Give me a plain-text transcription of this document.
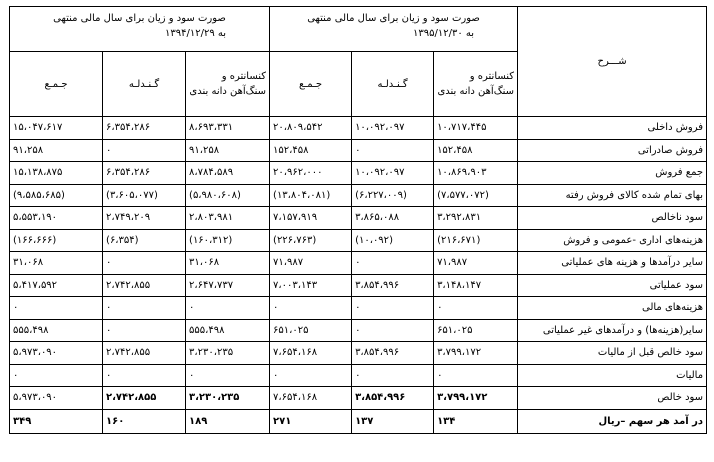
شـــرح	صورت سود و زیان برای سال مالی منتهی

به ۱۳۹۵/۱۲/۳۰			صورت سود و زیان برای سال مالی منتهی

به ۱۳۹۴/۱۲/۲۹		

	کنسانتره و سنگ‌آهن دانه بندی	گـنـدلـه	جـمـع	کنسانتره و سنگ‌آهن دانه بندی	گـنـدلـه	جـمـع
فروش داخلی	۱۰،۷۱۷،۴۴۵	۱۰،۰۹۲،۰۹۷	۲۰،۸۰۹،۵۴۲	۸،۶۹۳،۳۳۱	۶،۳۵۴،۲۸۶	۱۵،۰۴۷،۶۱۷
فروش صادراتی	۱۵۲،۴۵۸	۰	۱۵۲،۴۵۸	۹۱،۲۵۸	۰	۹۱،۲۵۸
جمع فروش	۱۰،۸۶۹،۹۰۳	۱۰،۰۹۲،۰۹۷	۲۰،۹۶۲،۰۰۰	۸،۷۸۴،۵۸۹	۶،۳۵۴،۲۸۶	۱۵،۱۳۸،۸۷۵
بهای تمام شده کالای فروش رفته	(۷،۵۷۷،۰۷۲)	(۶،۲۲۷،۰۰۹)	(۱۳،۸۰۴،۰۸۱)	(۵،۹۸۰،۶۰۸)	(۳،۶۰۵،۰۷۷)	(۹،۵۸۵،۶۸۵)
سود ناخالص	۳،۲۹۲،۸۳۱	۳،۸۶۵،۰۸۸	۷،۱۵۷،۹۱۹	۲،۸۰۳،۹۸۱	۲،۷۴۹،۲۰۹	۵،۵۵۳،۱۹۰
هزینه‌های اداری -عمومی و فروش	(۲۱۶،۶۷۱)	(۱۰،۰۹۲)	(۲۲۶،۷۶۳)	(۱۶۰،۳۱۲)	(۶،۳۵۴)	(۱۶۶،۶۶۶)
سایر درآمدها و هزینه های عملیاتی	۷۱،۹۸۷	۰	۷۱،۹۸۷	۳۱،۰۶۸	۰	۳۱،۰۶۸
سود عملیاتی	۳،۱۴۸،۱۴۷	۳،۸۵۴،۹۹۶	۷،۰۰۳،۱۴۳	۲،۶۴۷،۷۳۷	۲،۷۴۲،۸۵۵	۵،۴۱۷،۵۹۲
هزینه‌های مالی	۰	۰	۰	۰	۰	۰
سایر(هزینه‌ها) و درآمدهای غیر عملیاتی	۶۵۱،۰۲۵	۰	۶۵۱،۰۲۵	۵۵۵،۴۹۸	۰	۵۵۵،۴۹۸
سود خالص قبل از مالیات	۳،۷۹۹،۱۷۲	۳،۸۵۴،۹۹۶	۷،۶۵۴،۱۶۸	۳،۲۳۰،۲۳۵	۲،۷۴۲،۸۵۵	۵،۹۷۳،۰۹۰
مالیات	۰	۰	۰	۰	۰	۰
سود خالص	۳،۷۹۹،۱۷۲	۳،۸۵۴،۹۹۶	۷،۶۵۴،۱۶۸	۳،۲۳۰،۲۳۵	۲،۷۴۲،۸۵۵	۵،۹۷۳،۰۹۰
در آمد هر سهم –ریال	۱۳۴	۱۳۷	۲۷۱	۱۸۹	۱۶۰	۳۴۹
